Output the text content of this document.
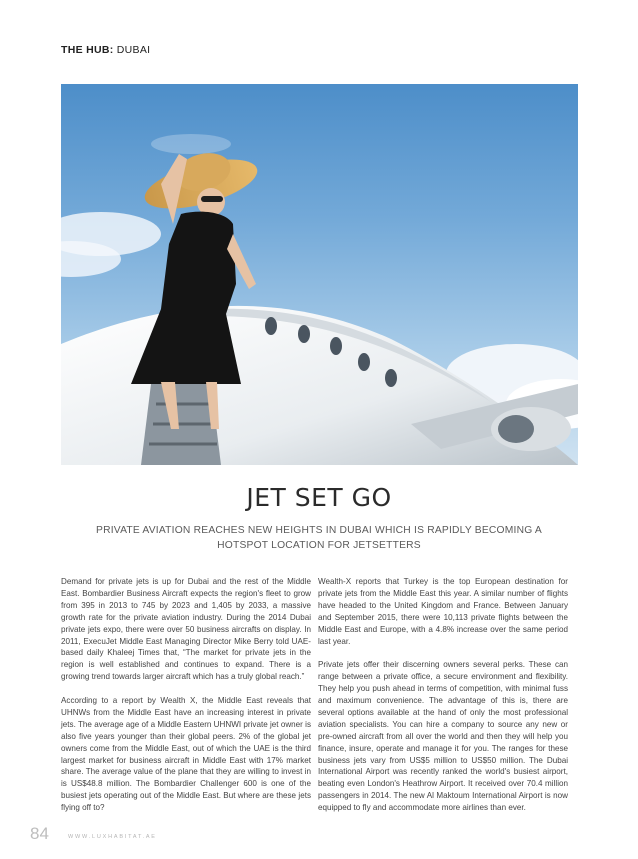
THE HUB: DUBAI
JET SET GO
PRIVATE AVIATION REACHES NEW HEIGHTS IN DUBAI WHICH IS RAPIDLY BECOMING A HOTSPOT LOCATION FOR JETSETTERS

Demand for private jets is up for Dubai and the rest of the Middle East. Bombardier Business Aircraft expects the region's fleet to grow from 395 in 2013 to 745 by 2023 and 1,405 by 2033, a massive growth rate for the private aviation industry. During the 2014 Dubai private jets expo, there were over 50 business aircrafts on display. In 2011, ExecuJet Middle East Managing Director Mike Berry told UAE-based daily Khaleej Times that, “The market for private jets in the region is well established and continues to expand. There is a growing trend towards larger aircraft which has a truly global reach.”

According to a report by Wealth X, the Middle East reveals that UHNWs from the Middle East have an increasing interest in private jets. The average age of a Middle Eastern UHNWI private jet owner is also five years younger than their global peers. 2% of the global jet owners come from the Middle East, out of which the UAE is the third largest market for business aircraft in Middle East with 17% market share. The average value of the plane that they are willing to invest in is US$48.8 million. The Bombardier Challenger 600 is one of the busiest jets operating out of the Middle East. But where are these jets flying off to?

Wealth-X reports that Turkey is the top European destination for private jets from the Middle East this year. A similar number of flights have headed to the United Kingdom and France. Between January and September 2015, there were 10,113 private flights between the Middle East and Europe, with a 4.8% increase over the same period last year.

Private jets offer their discerning owners several perks. These can range between a private office, a secure environment and flexibility. They help you push ahead in terms of competition, with minimal fuss and maximum convenience. The advantage of this is, there are several options available at the hand of only the most professional aviation specialists. You can hire a company to source any new or pre-owned aircraft from all over the world and then they will help you finance, insure, operate and manage it for you. The ranges for these business jets vary from US$5 million to US$50 million. The Dubai International Airport was recently ranked the world's busiest airport, beating even London's Heathrow Airport. It received over 70.4 million passengers in 2014. The new Al Maktoum International Airport is now equipped to fly and accommodate more airlines than ever.

84	WWW.LUXHABITAT.AE
